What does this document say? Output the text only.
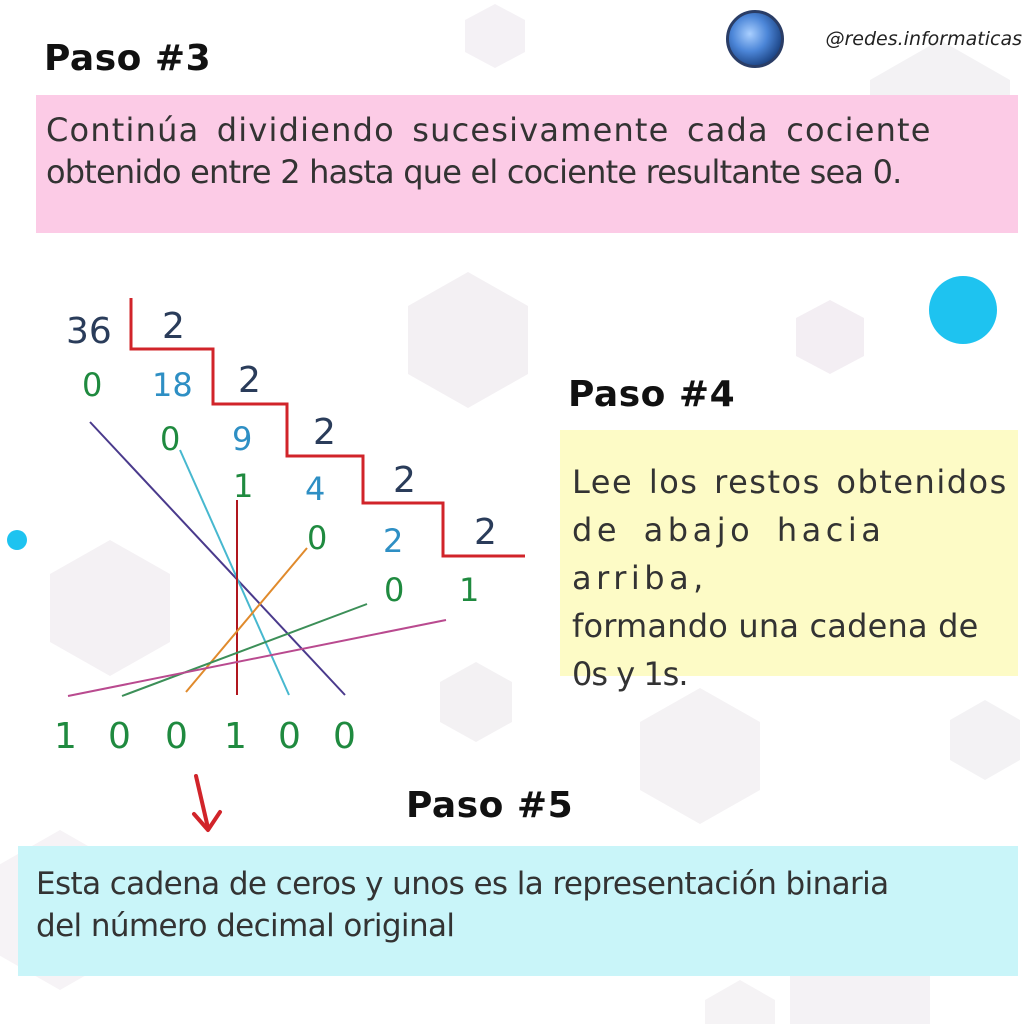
@redes.informaticas
Paso #3
Continúa dividiendo sucesivamente cada cociente
obtenido entre 2 hasta que el cociente resultante sea 0.
Paso #4
Lee los restos obtenidos
de abajo hacia arriba,
formando una cadena de
0s y 1s.
2
2
2
2
2
36
18
9
4
2
0
0
1
0
0 1
1 0 0 1 0 0
Paso #5
Esta cadena de ceros y unos es la representación binaria
del número decimal original
